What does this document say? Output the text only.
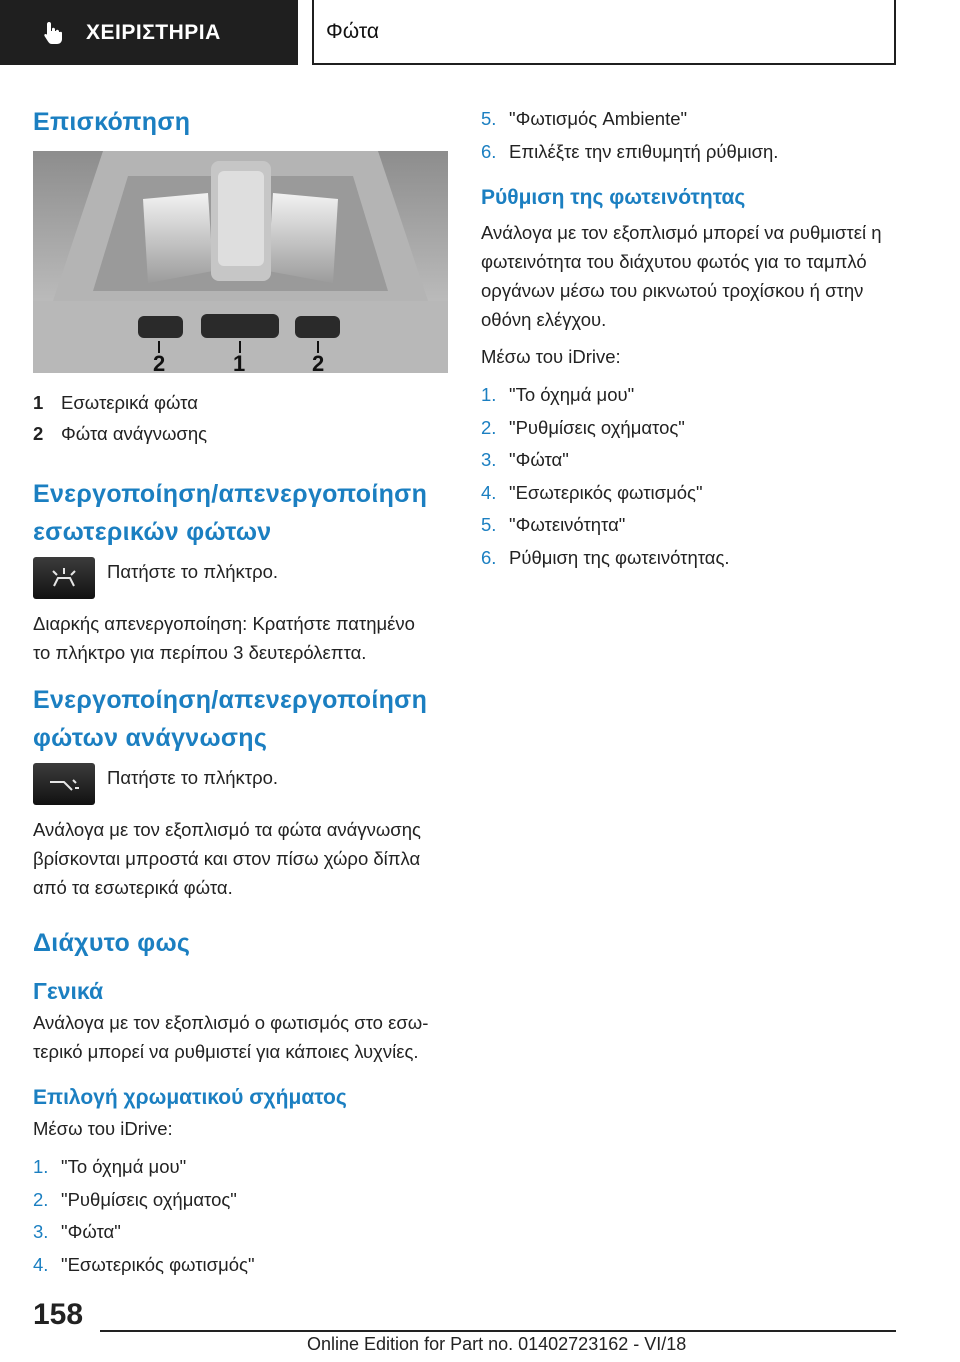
ΧΕΙΡΙΣΤΗΡΙΑ	Φώτα
Επισκόπηση
2	1	2
1 Εσωτερικά φώτα
2 Φώτα ανάγνωσης
Ενεργοποίηση/απενεργοποίηση
εσωτερικών φώτων

Πατήστε το πλήκτρο.

Διαρκής απενεργοποίηση: Κρατήστε πατημένο
το πλήκτρο για περίπου 3 δευτερόλεπτα.

Ενεργοποίηση/απενεργοποίηση
φώτων ανάγνωσης

Πατήστε το πλήκτρο.

Ανάλογα με τον εξοπλισμό τα φώτα ανάγνωσης
βρίσκονται μπροστά και στον πίσω χώρο δίπλα
από τα εσωτερικά φώτα.

Διάχυτο φως
Γενικά

Ανάλογα με τον εξοπλισμό ο φωτισμός στο εσω-
τερικό μπορεί να ρυθμιστεί για κάποιες λυχνίες.

Επιλογή χρωματικού σχήματος

Μέσω του iDrive:

1. "Το όχημά μου"
2. "Ρυθμίσεις οχήματος"
3. "Φώτα"
4. "Εσωτερικός φωτισμός"
5. "Φωτισμός Ambiente"
6. Επιλέξτε την επιθυμητή ρύθμιση.
Ρύθμιση της φωτεινότητας

Ανάλογα με τον εξοπλισμό μπορεί να ρυθμιστεί η
φωτεινότητα του διάχυτου φωτός για το ταμπλό
οργάνων μέσω του ρικνωτού τροχίσκου ή στην
οθόνη ελέγχου.

Μέσω του iDrive:

1. "Το όχημά μου"
2. "Ρυθμίσεις οχήματος"
3. "Φώτα"
4. "Εσωτερικός φωτισμός"
5. "Φωτεινότητα"
6. Ρύθμιση της φωτεινότητας.
158
Online Edition for Part no. 01402723162 - VI/18
